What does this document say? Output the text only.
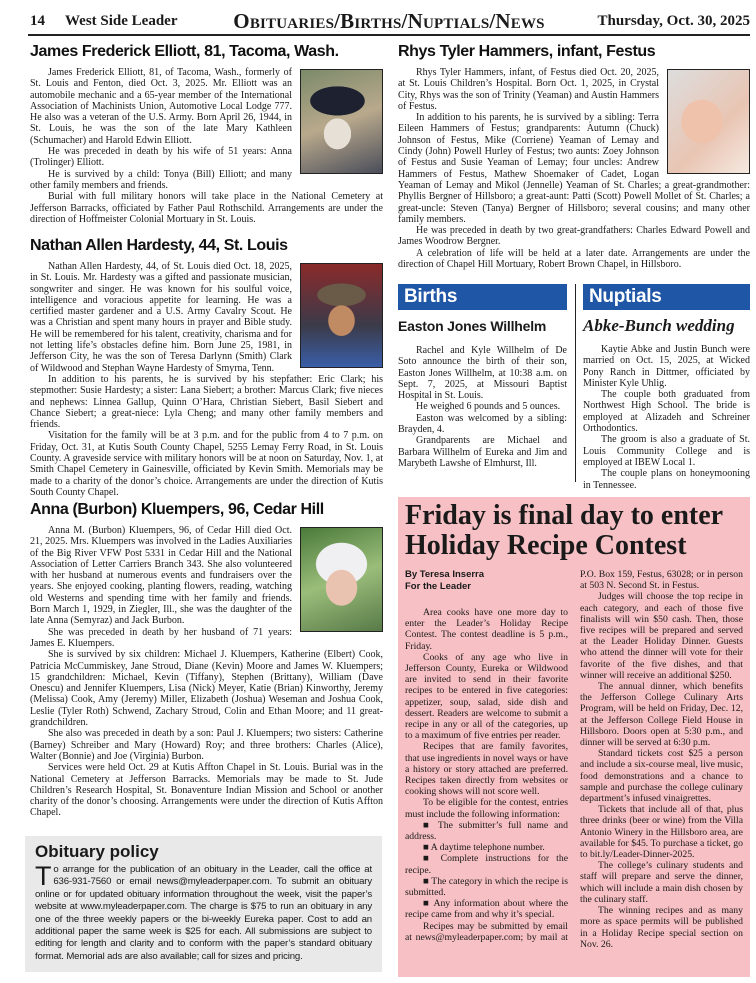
14 West Side Leader	Obituaries/Births/Nuptials/News	Thursday, Oct. 30, 2025
James Frederick Elliott, 81, Tacoma, Wash.

James Frederick Elliott, 81, of Tacoma, Wash., formerly of St. Louis and Fenton, died Oct. 3, 2025. Mr. Elliott was an automobile mechanic and a 65-year member of the International Association of Machinists Union, Automotive Local Lodge 777. He also was a veteran of the U.S. Army. Born April 26, 1944, in St. Louis, he was the son of the late Mary Kathleen (Schumacher) and Harold Edwin Elliott.

He was preceded in death by his wife of 51 years: Anna (Trolinger) Elliott.

He is survived by a child: Tonya (Bill) Elliott; and many other family members and friends.

Burial with full military honors will take place in the National Cemetery at Jefferson Barracks, officiated by Father Paul Rothschild. Arrangements are under the direction of Hoffmeister Colonial Mortuary in St. Louis.

Nathan Allen Hardesty, 44, St. Louis

Nathan Allen Hardesty, 44, of St. Louis died Oct. 18, 2025, in St. Louis. Mr. Hardesty was a gifted and passionate musician, songwriter and singer. He was known for his soulful voice, intelligence and voracious appetite for learning. He was a certified master gardener and a U.S. Army Cavalry Scout. He was a Christian and spent many hours in prayer and Bible study. He will be remembered for his talent, creativity, charisma and for not letting life’s obstacles define him. Born June 25, 1981, in Jefferson City, he was the son of Teresa Darlynn (Smith) Clark of Wildwood and Stephan Wayne Hardesty of Smyrna, Tenn.

In addition to his parents, he is survived by his stepfather: Eric Clark; his stepmother: Susie Hardesty; a sister: Lana Siebert; a brother: Marcus Clark; five nieces and nephews: Linnea Gallup, Quinn O’Hara, Christian Siebert, Basil Siebert and Chance Siebert; a great-niece: Lyla Cheng; and many other family members and friends.

Visitation for the family will be at 3 p.m. and for the public from 4 to 7 p.m. on Friday, Oct. 31, at Kutis South County Chapel, 5255 Lemay Ferry Road, in St. Louis County. A graveside service with military honors will be at noon on Saturday, Nov. 1, at Smith Chapel Cemetery in Gainesville, officiated by Kevin Smith. Memorials may be made to a charity of the donor’s choice. Arrangements are under the direction of Kutis South County Chapel.

Anna (Burbon) Kluempers, 96, Cedar Hill

Anna M. (Burbon) Kluempers, 96, of Cedar Hill died Oct. 21, 2025. Mrs. Kluempers was involved in the Ladies Auxiliaries of the Big River VFW Post 5331 in Cedar Hill and the National Association of Letter Carriers Branch 343. She also volunteered with her husband at numerous events and fundraisers over the years. She enjoyed cooking, planting flowers, reading, watching old Westerns and spending time with her family and friends. Born March 1, 1929, in Ziegler, Ill., she was the daughter of the late Anna (Semyraz) and Jack Burbon.

She was preceded in death by her husband of 71 years: James E. Kluempers.

She is survived by six children: Michael J. Kluempers, Katherine (Elbert) Cook, Patricia McCummiskey, Jane Stroud, Diane (Kevin) Moore and James W. Kluempers; 15 grandchildren: Michael, Kevin (Tiffany), Stephen (Brittany), William (Dave Onescu) and Jennifer Kluempers, Lisa (Nick) Meyer, Katie (Brian) Kinworthy, Jeremy (Melissa) Cook, Amy (Jeremy) Miller, Elizabeth (Joshua) Weseman and Joshua Cook, Leslie (Tyler Roth) Schwend, Zachary Stroud, Colin and Ethan Moore; and 11 great-grandchildren.

She also was preceded in death by a son: Paul J. Kluempers; two sisters: Catherine (Barney) Schreiber and Mary (Howard) Roy; and three brothers: Charles (Alice), Walter (Bonnie) and Joe (Virginia) Burbon.

Services were held Oct. 29 at Kutis Affton Chapel in St. Louis. Burial was in the National Cemetery at Jefferson Barracks. Memorials may be made to St. Jude Children’s Research Hospital, St. Bonaventure Indian Mission and School or another charity of the donor’s choosing. Arrangements were under the direction of Kutis Affton Chapel.

Obituary policy
To arrange for the publication of an obituary in the Leader, call the office at 636-931-7560 or email news@myleaderpaper.com. To submit an obituary online or for updated obituary information throughout the week, visit the paper’s website at www.myleaderpaper.com. The charge is $75 to run an obituary in any one of the three weekly papers or the bi-weekly Eureka paper. Cost to add an additional paper the same week is $25 for each. All submissions are subject to editing for length and clarity and to conform with the paper’s standard obituary format. Memorial ads are also available; call for sizes and pricing.
Rhys Tyler Hammers, infant, Festus

Rhys Tyler Hammers, infant, of Festus died Oct. 20, 2025, at St. Louis Children’s Hospital. Born Oct. 1, 2025, in Crystal City, Rhys was the son of Trinity (Yeaman) and Austin Hammers of Festus.

In addition to his parents, he is survived by a sibling: Terra Eileen Hammers of Festus; grandparents: Autumn (Chuck) Johnson of Festus, Mike (Corriene) Yeaman of Lemay and Cindy (John) Powell Hurley of Festus; two aunts: Zoey Johnson of Festus and Susie Yeaman of Lemay; four uncles: Andrew Hammers of Festus, Mathew Shoemaker of Cadet, Logan Yeaman of Lemay and Mikol (Jennelle) Yeaman of St. Charles; a great-grandmother: Phyllis Bergner of Hillsboro; a great-aunt: Patti (Scott) Powell Mollet of St. Charles; a great-uncle: Steven (Tanya) Bergner of Hillsboro; several cousins; and many other family members.

He was preceded in death by two great-grandfathers: Charles Edward Powell and James Woodrow Bergner.

A celebration of life will be held at a later date. Arrangements are under the direction of Chapel Hill Mortuary, Robert Brown Chapel, in Hillsboro.

Births
Easton Jones Willhelm

Rachel and Kyle Willhelm of De Soto announce the birth of their son, Easton Jones Willhelm, at 10:38 a.m. on Sept. 7, 2025, at Missouri Baptist Hospital in St. Louis.

He weighed 6 pounds and 5 ounces.

Easton was welcomed by a sibling: Brayden, 4.

Grandparents are Michael and Barbara Willhelm of Eureka and Jim and Marybeth Lawshe of Elmhurst, Ill.

Nuptials
Abke-Bunch wedding

Kaytie Abke and Justin Bunch were married on Oct. 15, 2025, at Wicked Pony Ranch in Dittmer, officiated by Minister Kyle Uhlig.

The couple both graduated from Northwest High School. The bride is employed at Alizadeh and Schreiner Orthodontics.

The groom is also a graduate of St. Louis Community College and is employed at IBEW Local 1.

The couple plans on honeymooning in Tennessee.

Friday is final day to enter Holiday Recipe Contest
By Teresa Inserra
For the Leader

Area cooks have one more day to enter the Leader’s Holiday Recipe Contest. The contest deadline is 5 p.m., Friday.

Cooks of any age who live in Jefferson County, Eureka or Wildwood are invited to send in their favorite recipes to be entered in five categories: appetizer, soup, salad, side dish and dessert. Readers are welcome to submit a recipe in any or all of the categories, up to a maximum of five entries per reader.

Recipes that are family favorites, that use ingredients in novel ways or have a history or story attached are preferred. Recipes taken directly from websites or cooking shows will not score well.

To be eligible for the contest, entries must include the following information:

■ The submitter’s full name and address.

■ A daytime telephone number.

■ Complete instructions for the recipe.

■ The category in which the recipe is submitted.

■ Any information about where the recipe came from and why it’s special.

Recipes may be submitted by email at news@myleaderpaper.com; by mail at P.O. Box 159, Festus, 63028; or in person at 503 N. Second St. in Festus.

Judges will choose the top recipe in each category, and each of those five finalists will win $50 cash. Then, those five recipes will be prepared and served at the Leader Holiday Dinner. Guests who attend the dinner will vote for their favorite of the five dishes, and that winner will receive an additional $250.

The annual dinner, which benefits the Jefferson College Culinary Arts Program, will be held on Friday, Dec. 12, at the Jefferson College Field House in Hillsboro. Doors open at 5:30 p.m., and dinner will be served at 6:30 p.m.

Standard tickets cost $25 a person and include a six-course meal, live music, food demonstrations and a chance to sample and purchase the college culinary department’s infused vinaigrettes.

Tickets that include all of that, plus three drinks (beer or wine) from the Villa Antonio Winery in the Hillsboro area, are available for $45. To purchase a ticket, go to bit.ly/Leader-Dinner-2025.

The college’s culinary students and staff will prepare and serve the dinner, which will include a main dish chosen by the culinary staff.

The winning recipes and as many more as space permits will be published in a Holiday Recipe special section on Nov. 26.
